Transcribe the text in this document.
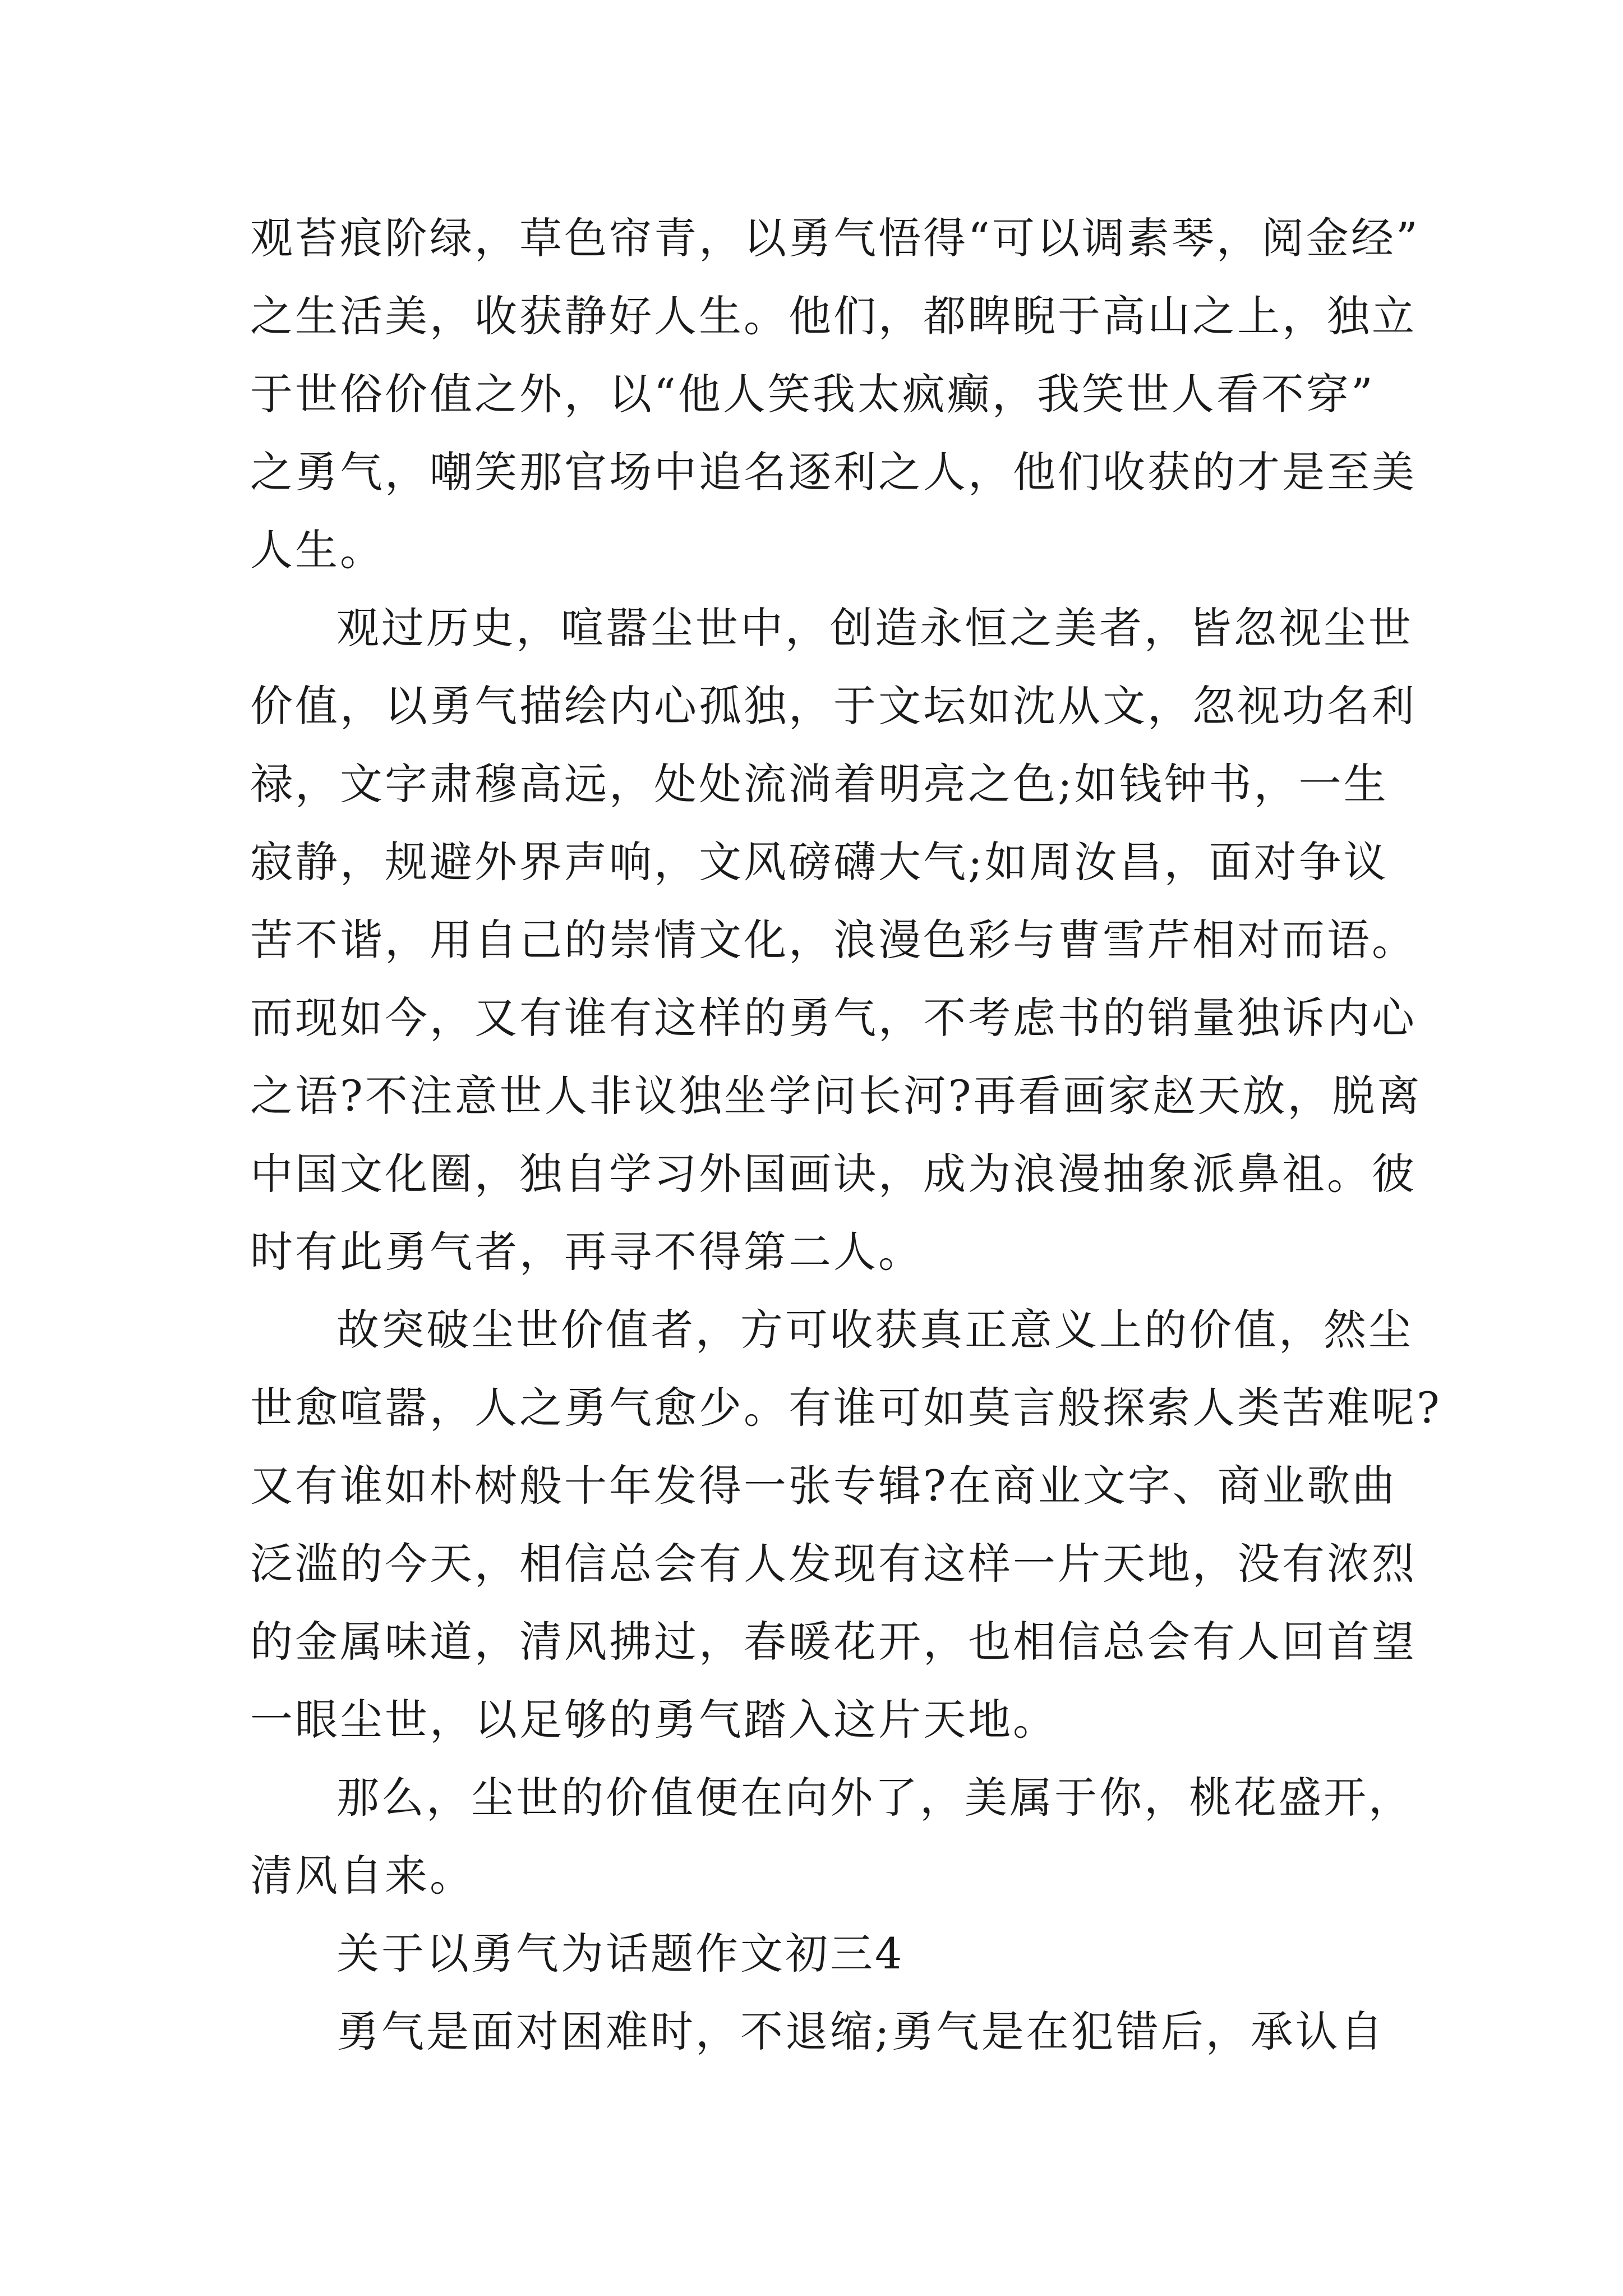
观苔痕阶绿，草色帘青，以勇气悟得“可以调素琴，阅金经”
之生活美，收获静好人生。他们，都睥睨于高山之上，独立
于世俗价值之外，以“他人笑我太疯癫，我笑世人看不穿”
之勇气，嘲笑那官场中追名逐利之人，他们收获的才是至美
人生。
观过历史，喧嚣尘世中，创造永恒之美者，皆忽视尘世
价值，以勇气描绘内心孤独，于文坛如沈从文，忽视功名利
禄，文字肃穆高远，处处流淌着明亮之色;如钱钟书，一生
寂静，规避外界声响，文风磅礴大气;如周汝昌，面对争议
苦不谐，用自己的崇情文化，浪漫色彩与曹雪芹相对而语。
而现如今，又有谁有这样的勇气，不考虑书的销量独诉内心
之语?不注意世人非议独坐学问长河?再看画家赵天放，脱离
中国文化圈，独自学习外国画诀，成为浪漫抽象派鼻祖。彼
时有此勇气者，再寻不得第二人。
故突破尘世价值者，方可收获真正意义上的价值，然尘
世愈喧嚣，人之勇气愈少。有谁可如莫言般探索人类苦难呢?
又有谁如朴树般十年发得一张专辑?在商业文字、商业歌曲
泛滥的今天，相信总会有人发现有这样一片天地，没有浓烈
的金属味道，清风拂过，春暖花开，也相信总会有人回首望
一眼尘世，以足够的勇气踏入这片天地。
那么，尘世的价值便在向外了，美属于你，桃花盛开，
清风自来。
关于以勇气为话题作文初三4
勇气是面对困难时，不退缩;勇气是在犯错后，承认自
